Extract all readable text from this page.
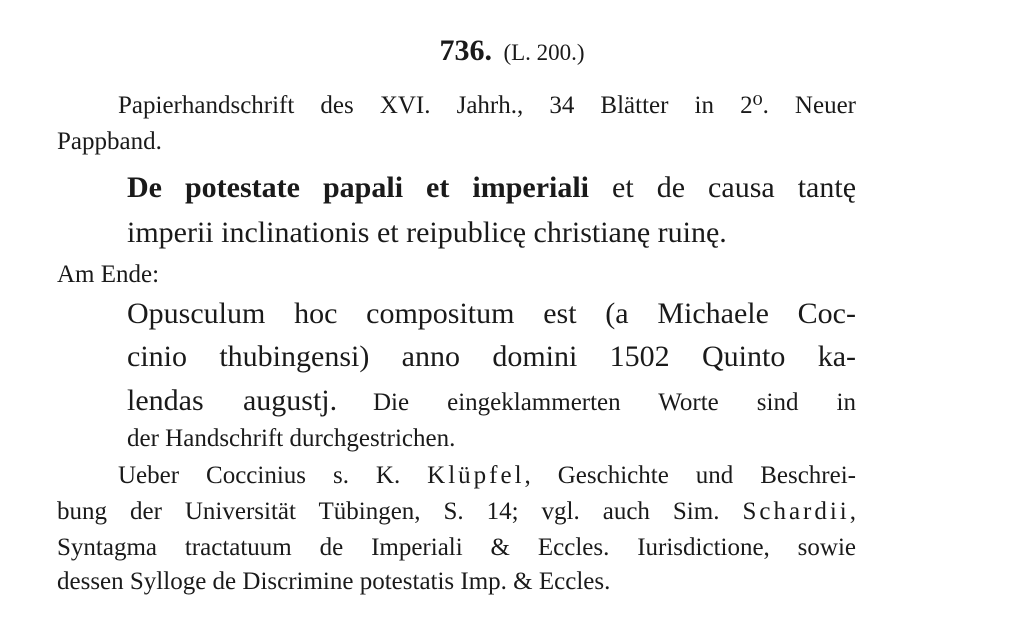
736. (L. 200.)
Papierhandschrift des XVI. Jahrh., 34 Blätter in 2⁰. Neuer
Pappband.
De potestate papali et imperiali et de causa tantę
imperii inclinationis et reipublicę christianę ruinę.
Am Ende:
Opusculum hoc compositum est (a Michaele Coc-
cinio thubingensi) anno domini 1502 Quinto ka-
lendas augustj. Die eingeklammerten Worte sind in
der Handschrift durchgestrichen.
Ueber Coccinius s. K. Klüpfel, Geschichte und Beschrei-
bung der Universität Tübingen, S. 14; vgl. auch Sim. Schardii,
Syntagma tractatuum de Imperiali & Eccles. Iurisdictione, sowie
dessen Sylloge de Discrimine potestatis Imp. & Eccles.
